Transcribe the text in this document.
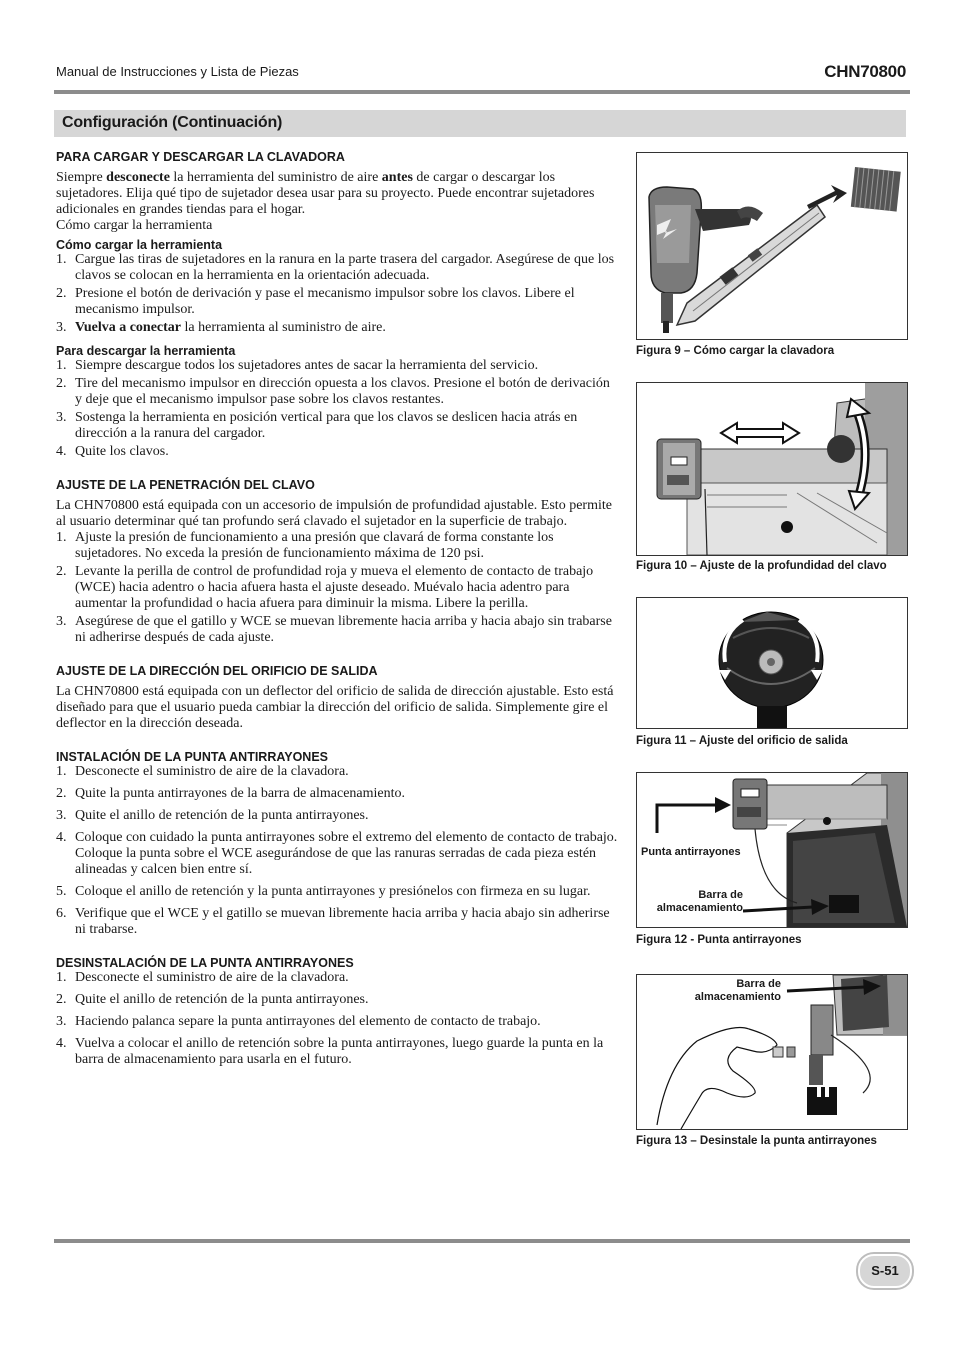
Manual de Instrucciones y Lista de Piezas	CHN70800
Configuración (Continuación)

PARA CARGAR Y DESCARGAR LA CLAVADORA

Siempre desconecte la herramienta del suministro de aire antes de cargar o descargar los sujetadores. Elija qué tipo de sujetador desea usar para su proyecto. Puede encontrar sujetadores adicionales en grandes tiendas para el hogar.

Cómo cargar la herramienta

Cómo cargar la herramienta

1. Cargue las tiras de sujetadores en la ranura en la parte trasera del cargador. Asegúrese de que los clavos se colocan en la herramienta en la orientación adecuada.
2. Presione el botón de derivación y pase el mecanismo impulsor sobre los clavos. Libere el mecanismo impulsor.
3. Vuelva a conectar la herramienta al suministro de aire.

Para descargar la herramienta

1. Siempre descargue todos los sujetadores antes de sacar la herramienta del servicio.
2. Tire del mecanismo impulsor en dirección opuesta a los clavos. Presione el botón de derivación y deje que el mecanismo impulsor pase sobre los clavos restantes.
3. Sostenga la herramienta en posición vertical para que los clavos se deslicen hacia atrás en dirección a la ranura del cargador.
4. Quite los clavos.

AJUSTE DE LA PENETRACIÓN DEL CLAVO

La CHN70800 está equipada con un accesorio de impulsión de profundidad ajustable. Esto permite al usuario determinar qué tan profundo será clavado el sujetador en la superficie de trabajo.

1. Ajuste la presión de funcionamiento a una presión que clavará de forma constante los sujetadores. No exceda la presión de funcionamiento máxima de 120 psi.
2. Levante la perilla de control de profundidad roja y mueva el elemento de contacto de trabajo (WCE) hacia adentro o hacia afuera hasta el ajuste deseado. Muévalo hacia adentro para aumentar la profundidad o hacia afuera para diminuir la misma. Libere la perilla.
3. Asegúrese de que el gatillo y WCE se muevan libremente hacia arriba y hacia abajo sin trabarse ni adherirse después de cada ajuste.

AJUSTE DE LA DIRECCIÓN DEL ORIFICIO DE SALIDA

La CHN70800 está equipada con un deflector del orificio de salida de dirección ajustable. Esto está diseñado para que el usuario pueda cambiar la dirección del orificio de salida. Simplemente gire el deflector en la dirección deseada.

INSTALACIÓN DE LA PUNTA ANTIRRAYONES

1. Desconecte el suministro de aire de la clavadora.
2. Quite la punta antirrayones de la barra de almacenamiento.
3. Quite el anillo de retención de la punta antirrayones.
4. Coloque con cuidado la punta antirrayones sobre el extremo del elemento de contacto de trabajo. Coloque la punta sobre el WCE asegurándose de que las ranuras serradas de cada pieza estén alineadas y calcen bien entre sí.
5. Coloque el anillo de retención y la punta antirrayones y presiónelos con firmeza en su lugar.
6. Verifique que el WCE y el gatillo se muevan libremente hacia arriba y hacia abajo sin adherirse ni trabarse.

DESINSTALACIÓN DE LA PUNTA ANTIRRAYONES

1. Desconecte el suministro de aire de la clavadora.
2. Quite el anillo de retención de la punta antirrayones.
3. Haciendo palanca separe la punta antirrayones del elemento de contacto de trabajo.
4. Vuelva a colocar el anillo de retención sobre la punta antirrayones, luego guarde la punta en la barra de almacenamiento para usarla en el futuro.
Figura 9 – Cómo cargar la clavadora
Figura 10 – Ajuste de la profundidad del clavo
Figura 11 – Ajuste del orificio de salida
Punta antirrayones
Barra de almacenamiento
Figura 12 - Punta antirrayones
Barra de almacenamiento
Figura 13 – Desinstale la punta antirrayones
S-51
